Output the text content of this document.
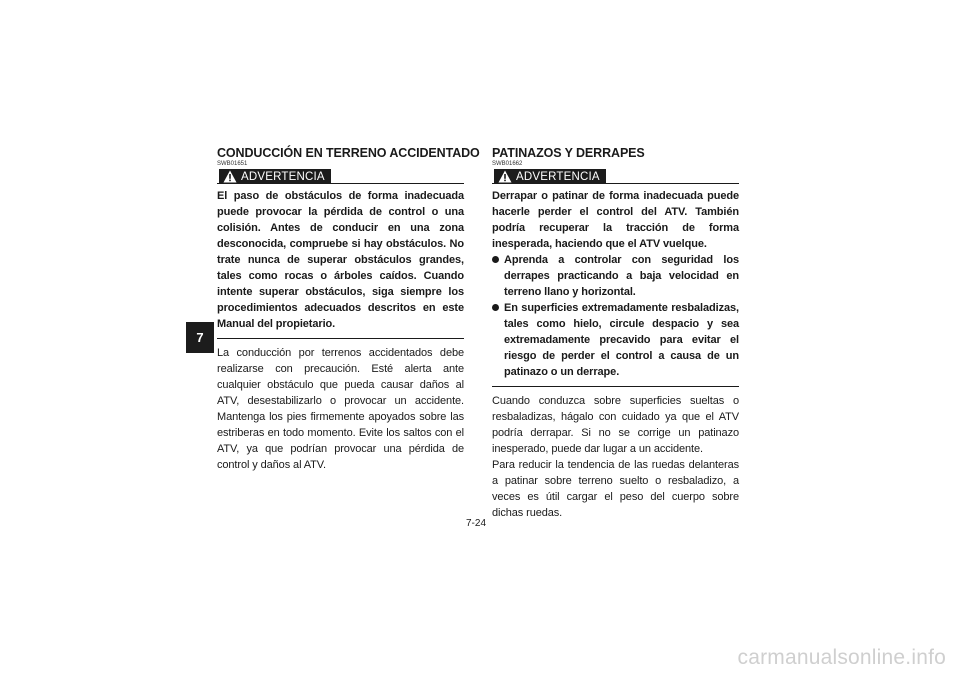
7
CONDUCCIÓN EN TERRENO ACCIDENTADO
SWB01651
ADVERTENCIA

El paso de obstáculos de forma inadecuada puede provocar la pérdida de control o una colisión. Antes de conducir en una zona desconocida, compruebe si hay obstáculos. No trate nunca de superar obstáculos grandes, tales como rocas o árboles caídos. Cuando intente superar obstáculos, siga siempre los procedimientos adecuados descritos en este Manual del propietario.

La conducción por terrenos accidentados debe realizarse con precaución. Esté alerta ante cualquier obstáculo que pueda causar daños al ATV, desestabilizarlo o provocar un accidente. Mantenga los pies firmemente apoyados sobre las estriberas en todo momento. Evite los saltos con el ATV, ya que podrían provocar una pérdida de control y daños al ATV.

PATINAZOS Y DERRAPES
SWB01662
ADVERTENCIA

Derrapar o patinar de forma inadecuada puede hacerle perder el control del ATV. También podría recuperar la tracción de forma inesperada, haciendo que el ATV vuelque.

Aprenda a controlar con seguridad los derrapes practicando a baja velocidad en terreno llano y horizontal.
En superficies extremadamente resbaladizas, tales como hielo, circule despacio y sea extremadamente precavido para evitar el riesgo de perder el control a causa de un patinazo o un derrape.

Cuando conduzca sobre superficies sueltas o resbaladizas, hágalo con cuidado ya que el ATV podría derrapar. Si no se corrige un patinazo inesperado, puede dar lugar a un accidente.

Para reducir la tendencia de las ruedas delanteras a patinar sobre terreno suelto o resbaladizo, a veces es útil cargar el peso del cuerpo sobre dichas ruedas.

7-24
carmanualsonline.info
